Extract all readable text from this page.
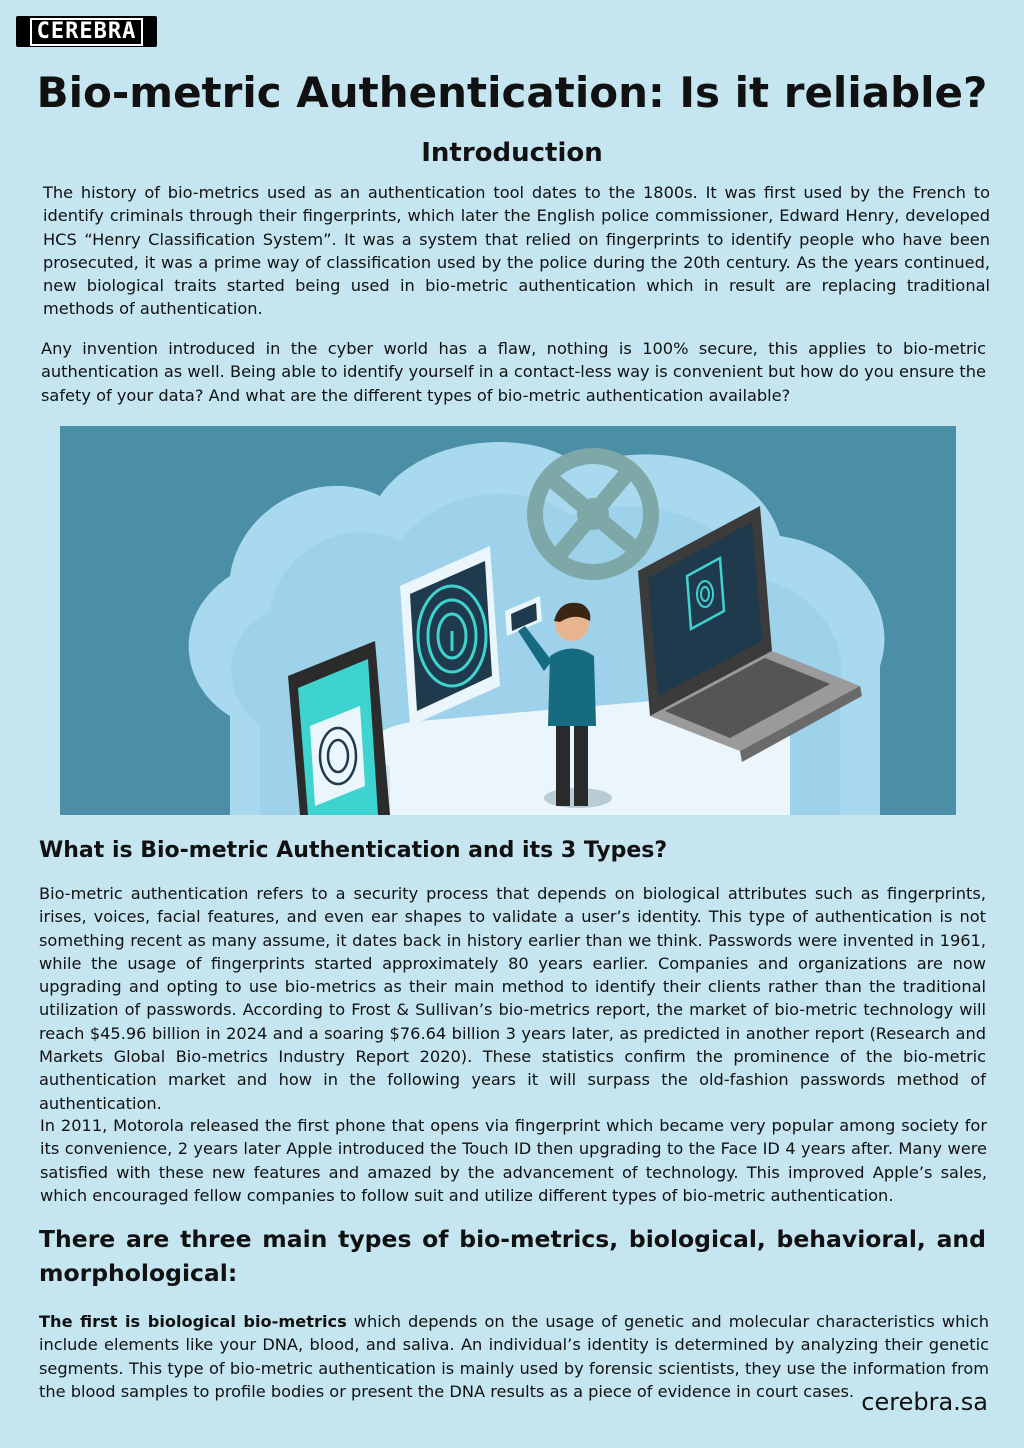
CEREBRA
Bio-metric Authentication: Is it reliable?
Introduction

The history of bio-metrics used as an authentication tool dates to the 1800s. It was first used by the French to identify criminals through their fingerprints, which later the English police commissioner, Edward Henry, developed HCS “Henry Classification System”. It was a system that relied on fingerprints to identify people who have been prosecuted, it was a prime way of classification used by the police during the 20th century. As the years continued, new biological traits started being used in bio-metric authentication which in result are replacing traditional methods of authentication.

Any invention introduced in the cyber world has a flaw, nothing is 100% secure, this applies to bio-metric authentication as well. Being able to identify yourself in a contact-less way is convenient but how do you ensure the safety of your data? And what are the different types of bio-metric authentication available?

What is Bio-metric Authentication and its 3 Types?

Bio-metric authentication refers to a security process that depends on biological attributes such as fingerprints, irises, voices, facial features, and even ear shapes to validate a user’s identity. This type of authentication is not something recent as many assume, it dates back in history earlier than we think. Passwords were invented in 1961, while the usage of fingerprints started approximately 80 years earlier. Companies and organizations are now upgrading and opting to use bio-metrics as their main method to identify their clients rather than the traditional utilization of passwords. According to Frost & Sullivan’s bio-metrics report, the market of bio-metric technology will reach $45.96 billion in 2024 and a soaring $76.64 billion 3 years later, as predicted in another report (Research and Markets Global Bio-metrics Industry Report 2020). These statistics confirm the prominence of the bio-metric authentication market and how in the following years it will surpass the old-fashion passwords method of authentication.

In 2011, Motorola released the first phone that opens via fingerprint which became very popular among society for its convenience, 2 years later Apple introduced the Touch ID then upgrading to the Face ID 4 years after. Many were satisfied with these new features and amazed by the advancement of technology. This improved Apple’s sales, which encouraged fellow companies to follow suit and utilize different types of bio-metric authentication.

There are three main types of bio-metrics, biological, behavioral, and morphological:

The first is biological bio-metrics which depends on the usage of genetic and molecular characteristics which include elements like your DNA, blood, and saliva. An individual’s identity is determined by analyzing their genetic segments. This type of bio-metric authentication is mainly used by forensic scientists, they use the information from the blood samples to profile bodies or present the DNA results as a piece of evidence in court cases. cerebra.sa
